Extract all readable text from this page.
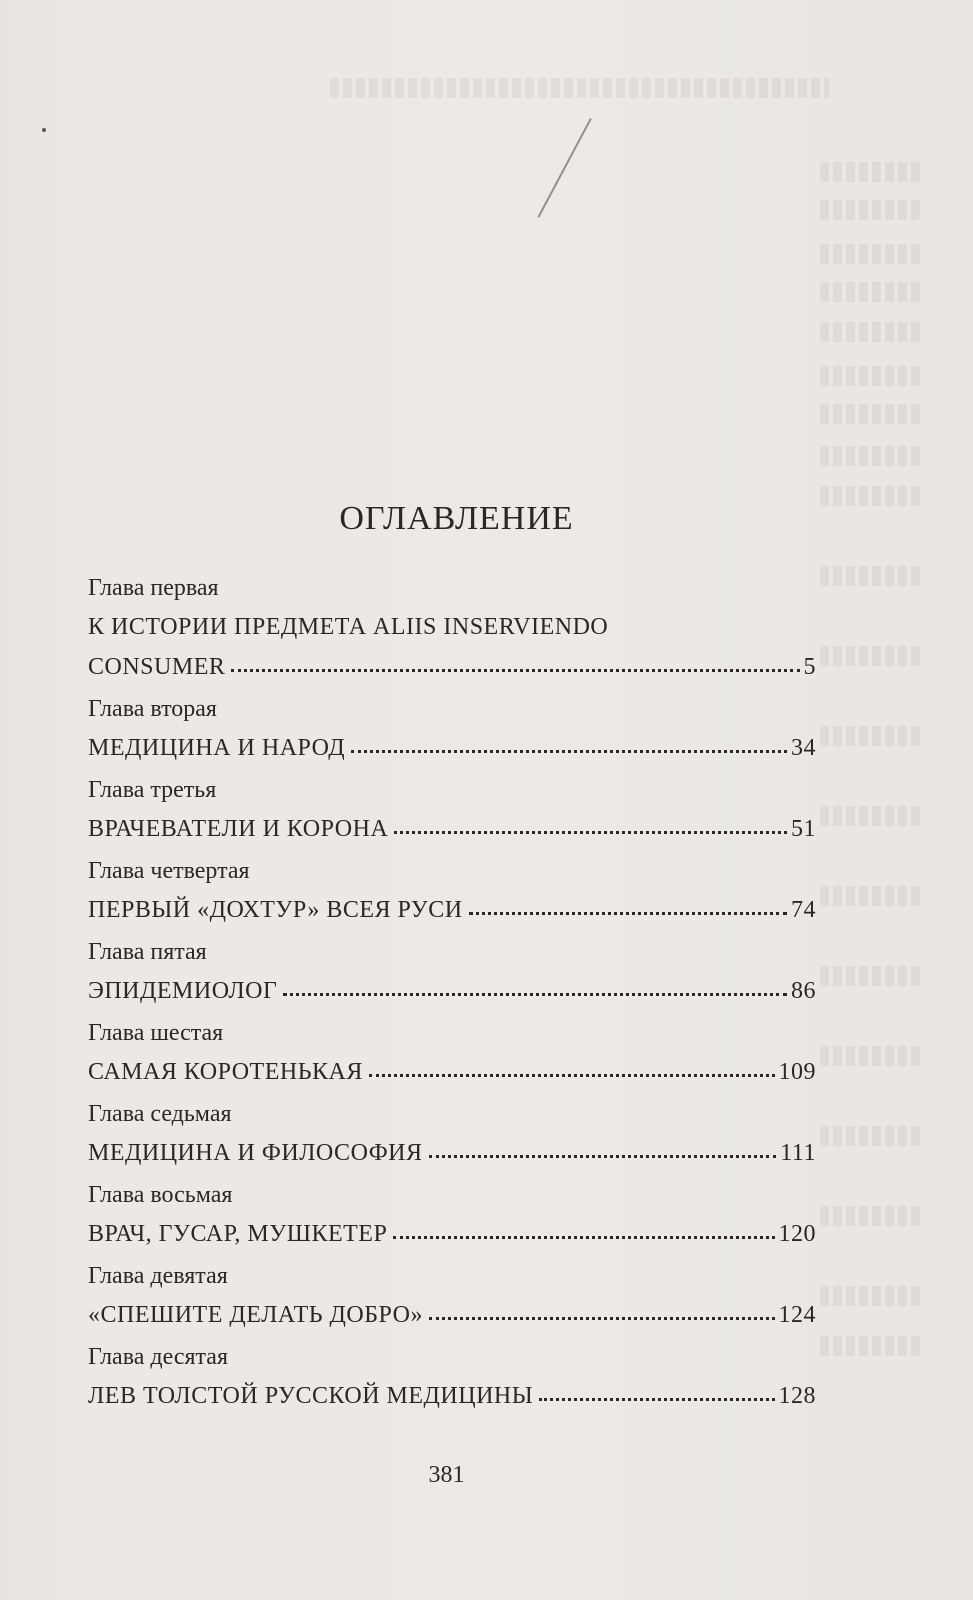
ОГЛАВЛЕНИЕ
Глава первая
К ИСТОРИИ ПРЕДМЕТА ALIIS INSERVIENDO
CONSUMER	5
Глава вторая
МЕДИЦИНА И НАРОД	34
Глава третья
ВРАЧЕВАТЕЛИ И КОРОНА	51
Глава четвертая
ПЕРВЫЙ «ДОХТУР» ВСЕЯ РУСИ	74
Глава пятая
ЭПИДЕМИОЛОГ	86
Глава шестая
САМАЯ КОРОТЕНЬКАЯ	109
Глава седьмая
МЕДИЦИНА И ФИЛОСОФИЯ	111
Глава восьмая
ВРАЧ, ГУСАР, МУШКЕТЕР	120
Глава девятая
«СПЕШИТЕ ДЕЛАТЬ ДОБРО»	124
Глава десятая
ЛЕВ ТОЛСТОЙ РУССКОЙ МЕДИЦИНЫ	128
381
